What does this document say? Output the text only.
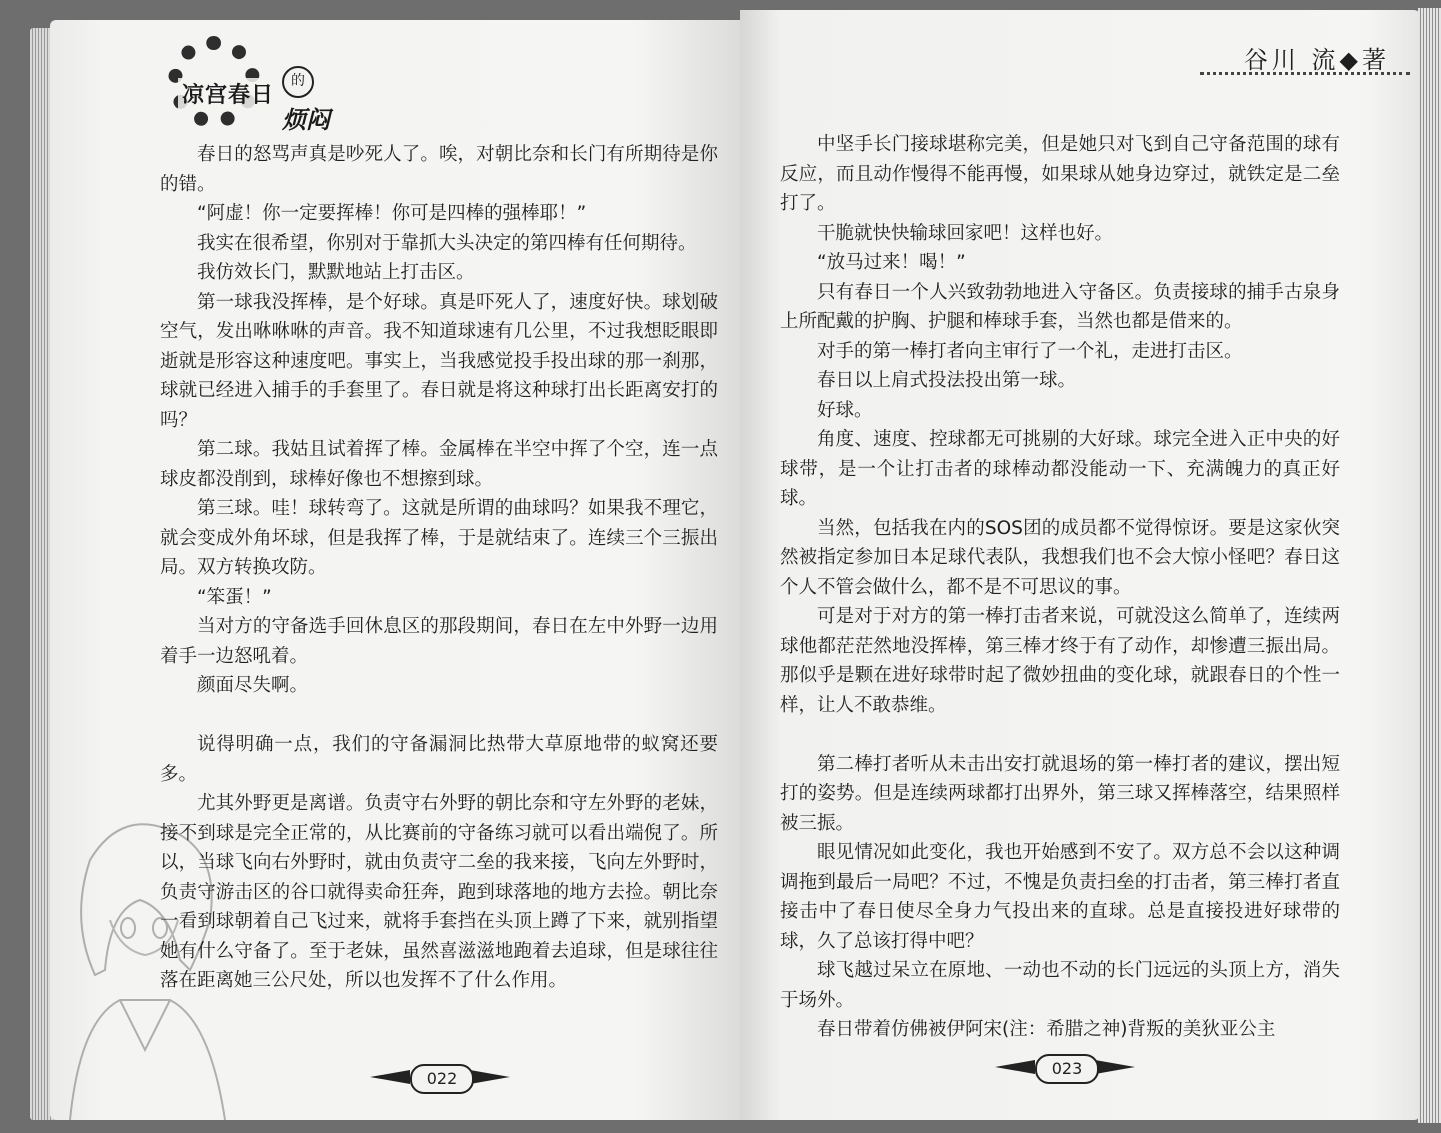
凉宫春日
的
烦闷

春日的怒骂声真是吵死人了。唉，对朝比奈和长门有所期待是你的错。

“阿虚！你一定要挥棒！你可是四棒的强棒耶！”

我实在很希望，你别对于靠抓大头决定的第四棒有任何期待。

我仿效长门，默默地站上打击区。

第一球我没挥棒，是个好球。真是吓死人了，速度好快。球划破空气，发出咻咻咻的声音。我不知道球速有几公里，不过我想眨眼即逝就是形容这种速度吧。事实上，当我感觉投手投出球的那一刹那，球就已经进入捕手的手套里了。春日就是将这种球打出长距离安打的吗？

第二球。我姑且试着挥了棒。金属棒在半空中挥了个空，连一点球皮都没削到，球棒好像也不想擦到球。

第三球。哇！球转弯了。这就是所谓的曲球吗？如果我不理它，就会变成外角坏球，但是我挥了棒，于是就结束了。连续三个三振出局。双方转换攻防。

“笨蛋！”

当对方的守备选手回休息区的那段期间，春日在左中外野一边用着手一边怒吼着。

颜面尽失啊。

说得明确一点，我们的守备漏洞比热带大草原地带的蚁窝还要多。

尤其外野更是离谱。负责守右外野的朝比奈和守左外野的老妹，接不到球是完全正常的，从比赛前的守备练习就可以看出端倪了。所以，当球飞向右外野时，就由负责守二垒的我来接，飞向左外野时，负责守游击区的谷口就得卖命狂奔，跑到球落地的地方去捡。朝比奈一看到球朝着自己飞过来，就将手套挡在头顶上蹲了下来，就别指望她有什么守备了。至于老妹，虽然喜滋滋地跑着去追球，但是球往往落在距离她三公尺处，所以也发挥不了什么作用。

022
谷川 流◆著

中坚手长门接球堪称完美，但是她只对飞到自己守备范围的球有反应，而且动作慢得不能再慢，如果球从她身边穿过，就铁定是二垒打了。

干脆就快快输球回家吧！这样也好。

“放马过来！喝！”

只有春日一个人兴致勃勃地进入守备区。负责接球的捕手古泉身上所配戴的护胸、护腿和棒球手套，当然也都是借来的。

对手的第一棒打者向主审行了一个礼，走进打击区。

春日以上肩式投法投出第一球。

好球。

角度、速度、控球都无可挑剔的大好球。球完全进入正中央的好球带，是一个让打击者的球棒动都没能动一下、充满魄力的真正好球。

当然，包括我在内的SOS团的成员都不觉得惊讶。要是这家伙突然被指定参加日本足球代表队，我想我们也不会大惊小怪吧？春日这个人不管会做什么，都不是不可思议的事。

可是对于对方的第一棒打击者来说，可就没这么简单了，连续两球他都茫茫然地没挥棒，第三棒才终于有了动作，却惨遭三振出局。那似乎是颗在进好球带时起了微妙扭曲的变化球，就跟春日的个性一样，让人不敢恭维。

第二棒打者听从未击出安打就退场的第一棒打者的建议，摆出短打的姿势。但是连续两球都打出界外，第三球又挥棒落空，结果照样被三振。

眼见情况如此变化，我也开始感到不安了。双方总不会以这种调调拖到最后一局吧？不过，不愧是负责扫垒的打击者，第三棒打者直接击中了春日使尽全身力气投出来的直球。总是直接投进好球带的球，久了总该打得中吧？

球飞越过呆立在原地、一动也不动的长门远远的头顶上方，消失于场外。

春日带着仿佛被伊阿宋(注：希腊之神)背叛的美狄亚公主

023
